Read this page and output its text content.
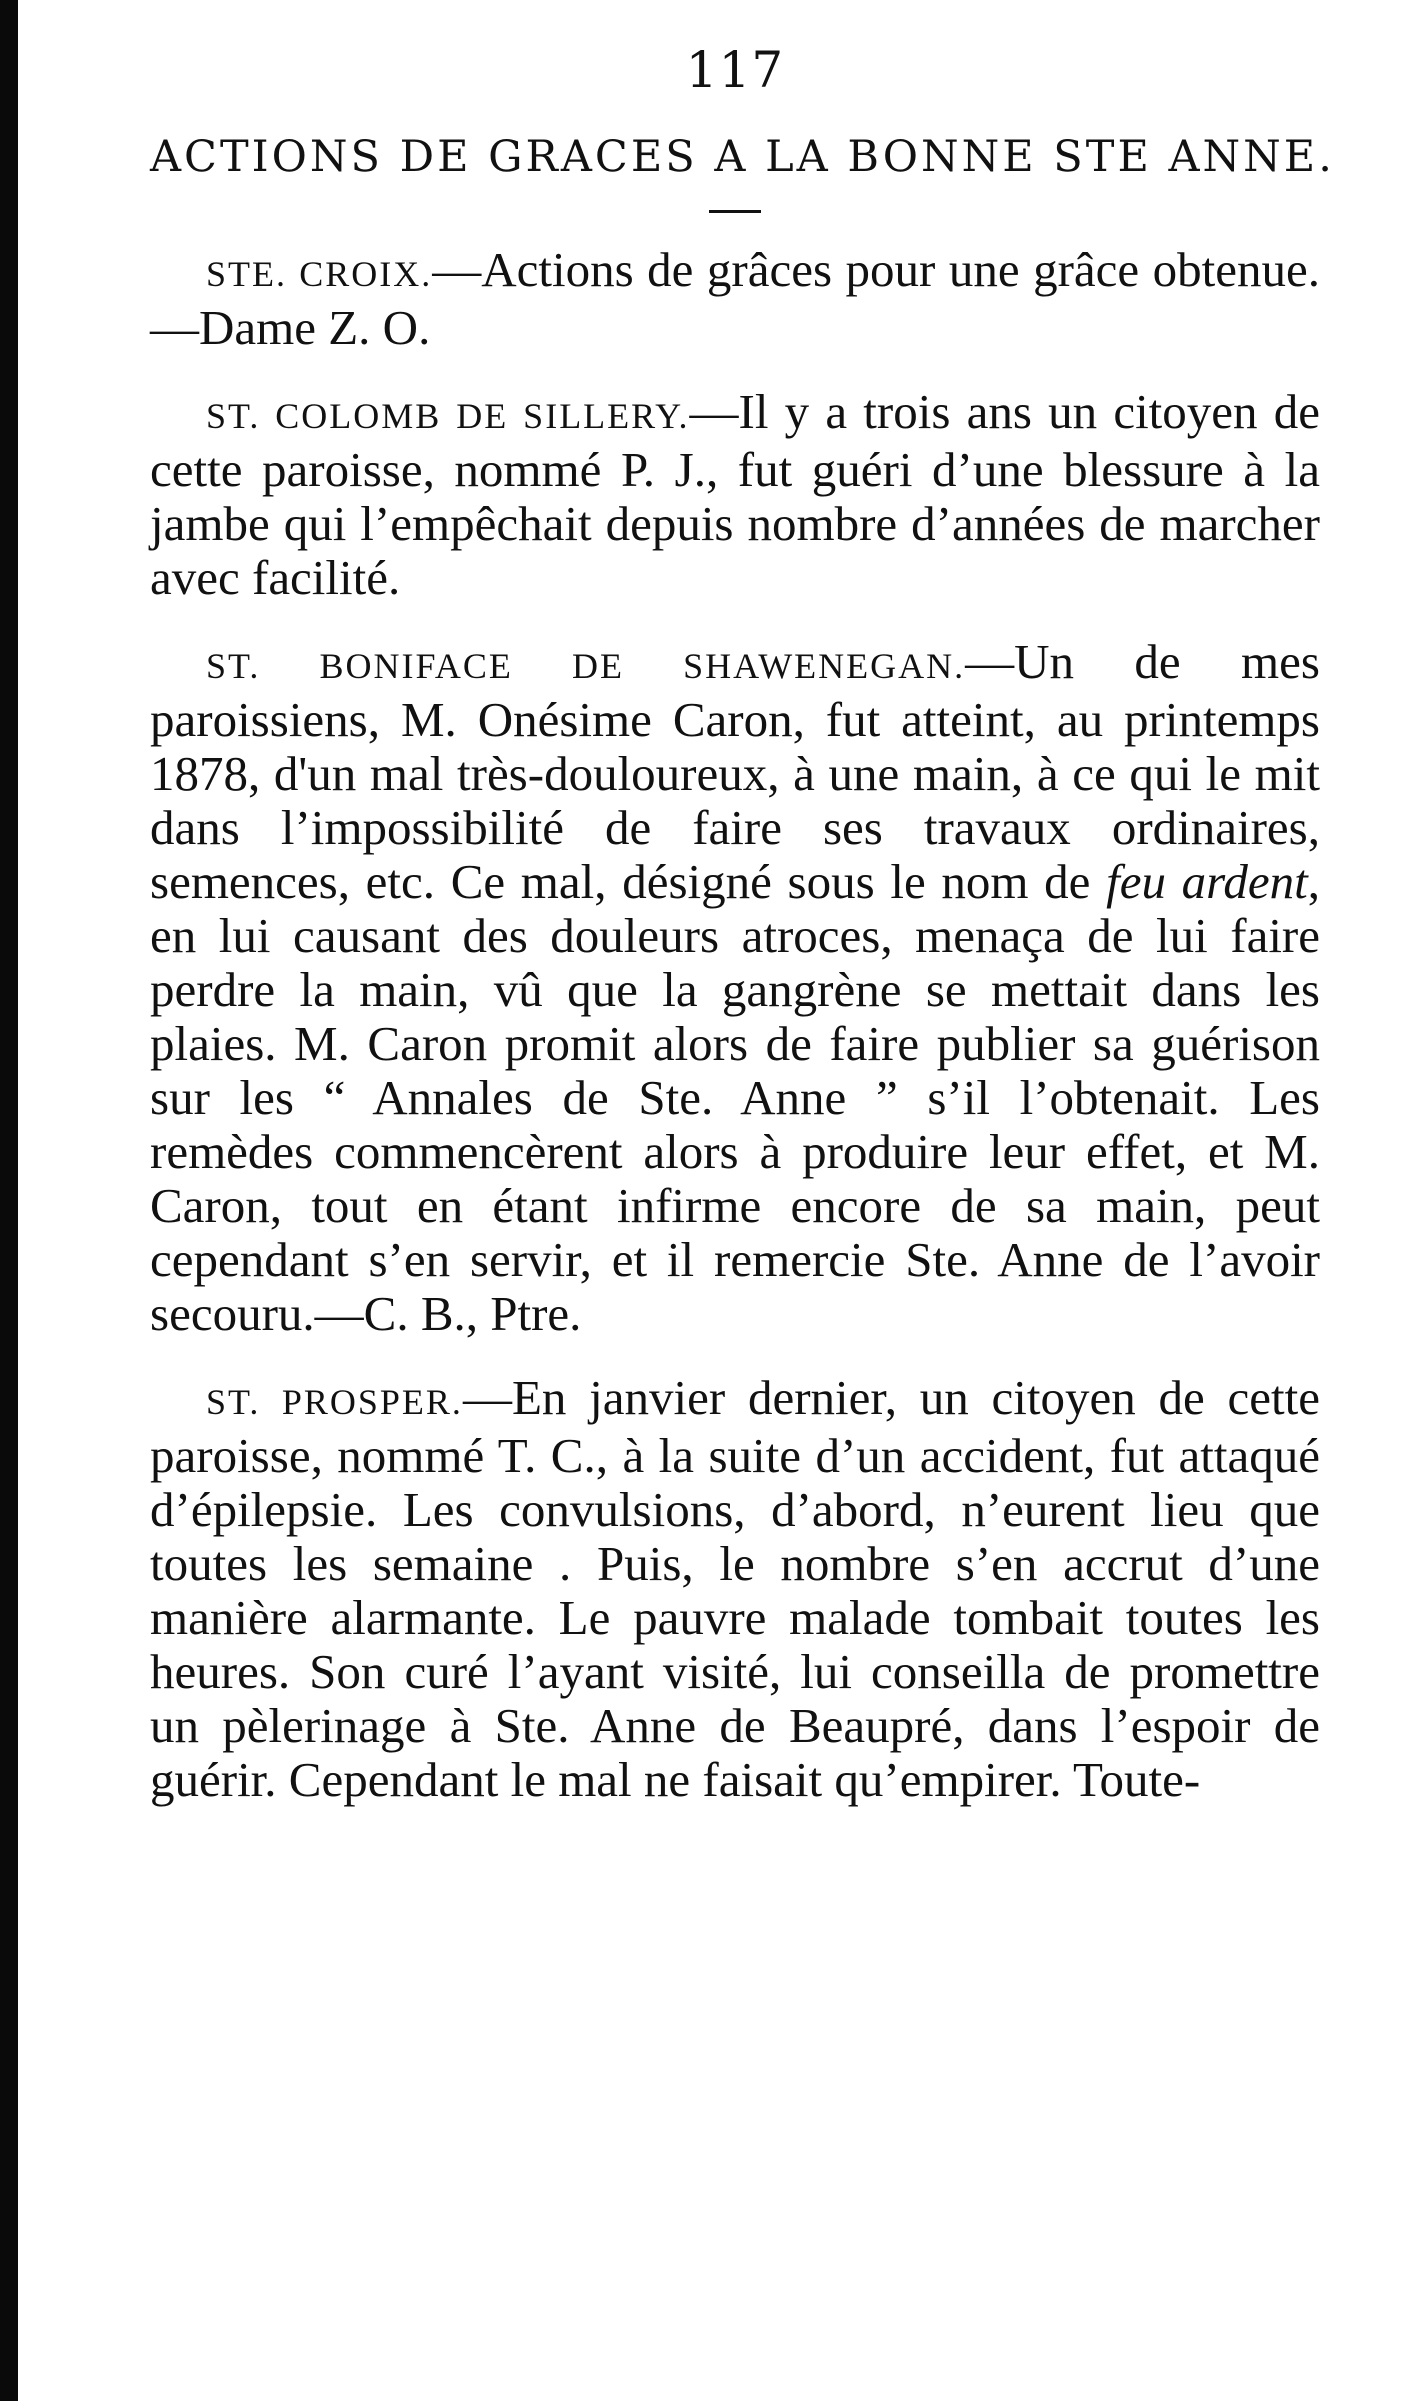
117
ACTIONS DE GRACES A LA BONNE STE ANNE.

STE. CROIX.—Actions de grâces pour une grâce obtenue.—Dame Z. O.

ST. COLOMB DE SILLERY.—Il y a trois ans un citoyen de cette paroisse, nommé P. J., fut guéri d’une blessure à la jambe qui l’empêchait depuis nombre d’années de marcher avec facilité.

ST. BONIFACE DE SHAWENEGAN.—Un de mes paroissiens, M. Onésime Caron, fut atteint, au printemps 1878, d'un mal très-douloureux, à une main, à ce qui le mit dans l’impossibilité de faire ses travaux ordinaires, semences, etc. Ce mal, désigné sous le nom de feu ardent, en lui causant des douleurs atroces, menaça de lui faire perdre la main, vû que la gangrène se mettait dans les plaies. M. Caron promit alors de faire publier sa guérison sur les “ Annales de Ste. Anne ” s’il l’obtenait. Les remèdes commencèrent alors à produire leur effet, et M. Caron, tout en étant infirme encore de sa main, peut cependant s’en servir, et il remercie Ste. Anne de l’avoir secouru.—C. B., Ptre.

ST. PROSPER.—En janvier dernier, un citoyen de cette paroisse, nommé T. C., à la suite d’un accident, fut attaqué d’épilepsie. Les convulsions, d’abord, n’eurent lieu que toutes les semaine . Puis, le nombre s’en accrut d’une manière alarmante. Le pauvre malade tombait toutes les heures. Son curé l’ayant visité, lui conseilla de promettre un pèlerinage à Ste. Anne de Beaupré, dans l’espoir de guérir. Cependant le mal ne faisait qu’empirer. Toute-
